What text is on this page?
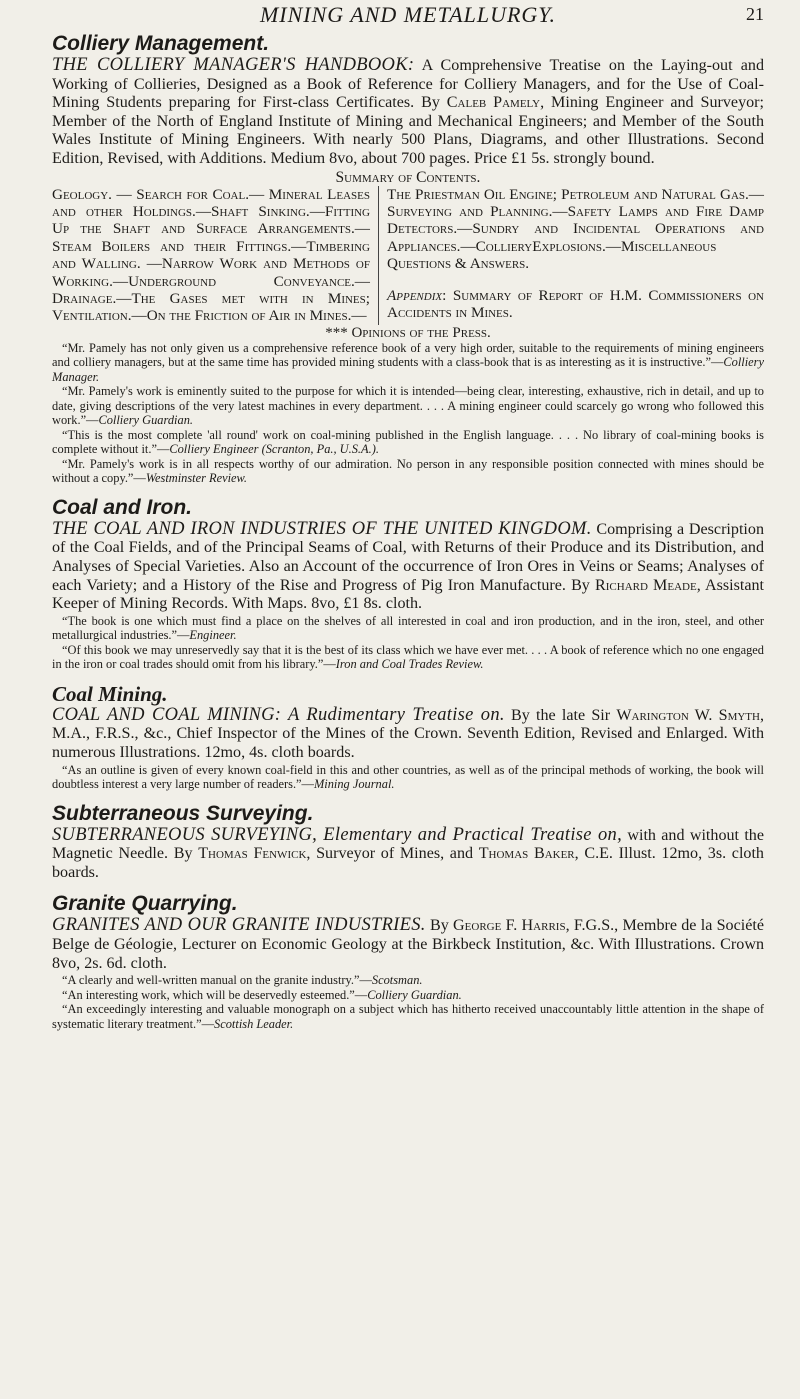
MINING AND METALLURGY.	21
Colliery Management.

THE COLLIERY MANAGER'S HANDBOOK: A Comprehensive Treatise on the Laying-out and Working of Collieries, Designed as a Book of Reference for Colliery Managers, and for the Use of Coal-Mining Students preparing for First-class Certificates. By Caleb Pamely, Mining Engineer and Surveyor; Member of the North of England Institute of Mining and Mechanical Engineers; and Member of the South Wales Institute of Mining Engineers. With nearly 500 Plans, Diagrams, and other Illustrations. Second Edition, Revised, with Additions. Medium 8vo, about 700 pages. Price £1 5s. strongly bound.

Summary of Contents.

Geology. — Search for Coal.— Mineral Leases and other Holdings.—Shaft Sinking.—Fitting Up the Shaft and Surface Arrangements.—Steam Boilers and their Fittings.—Timbering and Walling. —Narrow Work and Methods of Working.—Underground Conveyance.—Drainage.—The Gases met with in Mines; Ventilation.—On the Friction of Air in Mines.—
The Priestman Oil Engine; Petroleum and Natural Gas.—Surveying and Planning.—Safety Lamps and Fire Damp Detectors.—Sundry and Incidental Operations and Appliances.—CollieryExplosions.—Miscellaneous Questions & Answers.
Appendix: Summary of Report of H.M. Commissioners on Accidents in Mines.

*** Opinions of the Press.

“Mr. Pamely has not only given us a comprehensive reference book of a very high order, suitable to the requirements of mining engineers and colliery managers, but at the same time has provided mining students with a class-book that is as interesting as it is instructive.”—Colliery Manager.

“Mr. Pamely's work is eminently suited to the purpose for which it is intended—being clear, interesting, exhaustive, rich in detail, and up to date, giving descriptions of the very latest machines in every department. . . . A mining engineer could scarcely go wrong who followed this work.”—Colliery Guardian.

“This is the most complete 'all round' work on coal-mining published in the English language. . . . No library of coal-mining books is complete without it.”—Colliery Engineer (Scranton, Pa., U.S.A.).

“Mr. Pamely's work is in all respects worthy of our admiration. No person in any responsible position connected with mines should be without a copy.”—Westminster Review.

Coal and Iron.

THE COAL AND IRON INDUSTRIES OF THE UNITED KINGDOM. Comprising a Description of the Coal Fields, and of the Principal Seams of Coal, with Returns of their Produce and its Distribution, and Analyses of Special Varieties. Also an Account of the occurrence of Iron Ores in Veins or Seams; Analyses of each Variety; and a History of the Rise and Progress of Pig Iron Manufacture. By Richard Meade, Assistant Keeper of Mining Records. With Maps. 8vo, £1 8s. cloth.

“The book is one which must find a place on the shelves of all interested in coal and iron production, and in the iron, steel, and other metallurgical industries.”—Engineer.

“Of this book we may unreservedly say that it is the best of its class which we have ever met. . . . A book of reference which no one engaged in the iron or coal trades should omit from his library.”—Iron and Coal Trades Review.

Coal Mining.

COAL AND COAL MINING: A Rudimentary Treatise on. By the late Sir Warington W. Smyth, M.A., F.R.S., &c., Chief Inspector of the Mines of the Crown. Seventh Edition, Revised and Enlarged. With numerous Illustrations. 12mo, 4s. cloth boards.

“As an outline is given of every known coal-field in this and other countries, as well as of the principal methods of working, the book will doubtless interest a very large number of readers.”—Mining Journal.

Subterraneous Surveying.

SUBTERRANEOUS SURVEYING, Elementary and Practical Treatise on, with and without the Magnetic Needle. By Thomas Fenwick, Surveyor of Mines, and Thomas Baker, C.E. Illust. 12mo, 3s. cloth boards.

Granite Quarrying.

GRANITES AND OUR GRANITE INDUSTRIES. By George F. Harris, F.G.S., Membre de la Société Belge de Géologie, Lecturer on Economic Geology at the Birkbeck Institution, &c. With Illustrations. Crown 8vo, 2s. 6d. cloth.

“A clearly and well-written manual on the granite industry.”—Scotsman.

“An interesting work, which will be deservedly esteemed.”—Colliery Guardian.

“An exceedingly interesting and valuable monograph on a subject which has hitherto received unaccountably little attention in the shape of systematic literary treatment.”—Scottish Leader.
